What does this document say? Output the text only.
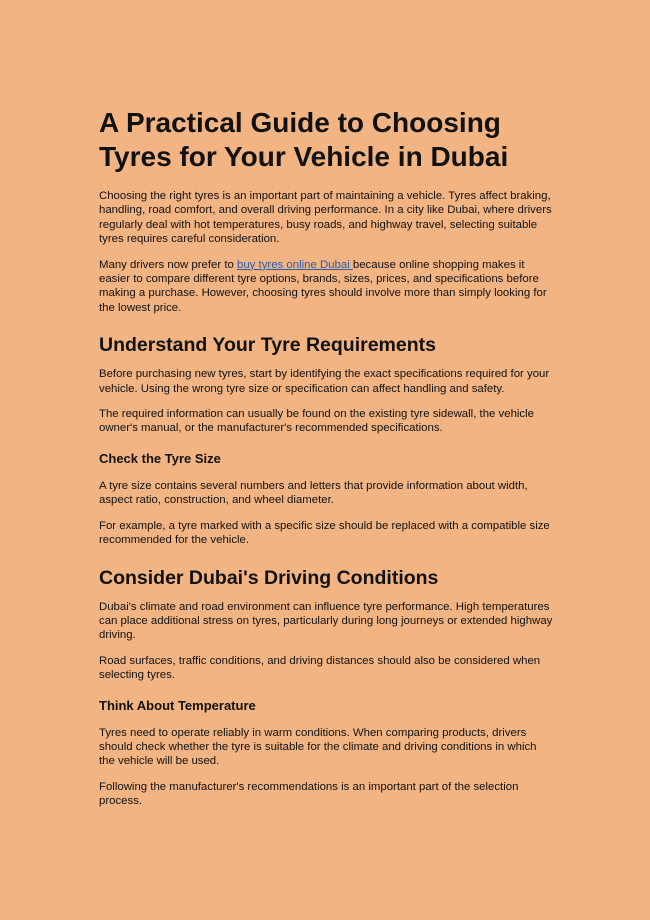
A Practical Guide to Choosing Tyres for Your Vehicle in Dubai

Choosing the right tyres is an important part of maintaining a vehicle. Tyres affect braking, handling, road comfort, and overall driving performance. In a city like Dubai, where drivers regularly deal with hot temperatures, busy roads, and highway travel, selecting suitable tyres requires careful consideration.

Many drivers now prefer to buy tyres online Dubai because online shopping makes it easier to compare different tyre options, brands, sizes, prices, and specifications before making a purchase. However, choosing tyres should involve more than simply looking for the lowest price.

Understand Your Tyre Requirements

Before purchasing new tyres, start by identifying the exact specifications required for your vehicle. Using the wrong tyre size or specification can affect handling and safety.

The required information can usually be found on the existing tyre sidewall, the vehicle owner's manual, or the manufacturer's recommended specifications.

Check the Tyre Size

A tyre size contains several numbers and letters that provide information about width, aspect ratio, construction, and wheel diameter.

For example, a tyre marked with a specific size should be replaced with a compatible size recommended for the vehicle.

Consider Dubai's Driving Conditions

Dubai's climate and road environment can influence tyre performance. High temperatures can place additional stress on tyres, particularly during long journeys or extended highway driving.

Road surfaces, traffic conditions, and driving distances should also be considered when selecting tyres.

Think About Temperature

Tyres need to operate reliably in warm conditions. When comparing products, drivers should check whether the tyre is suitable for the climate and driving conditions in which the vehicle will be used.

Following the manufacturer's recommendations is an important part of the selection process.
